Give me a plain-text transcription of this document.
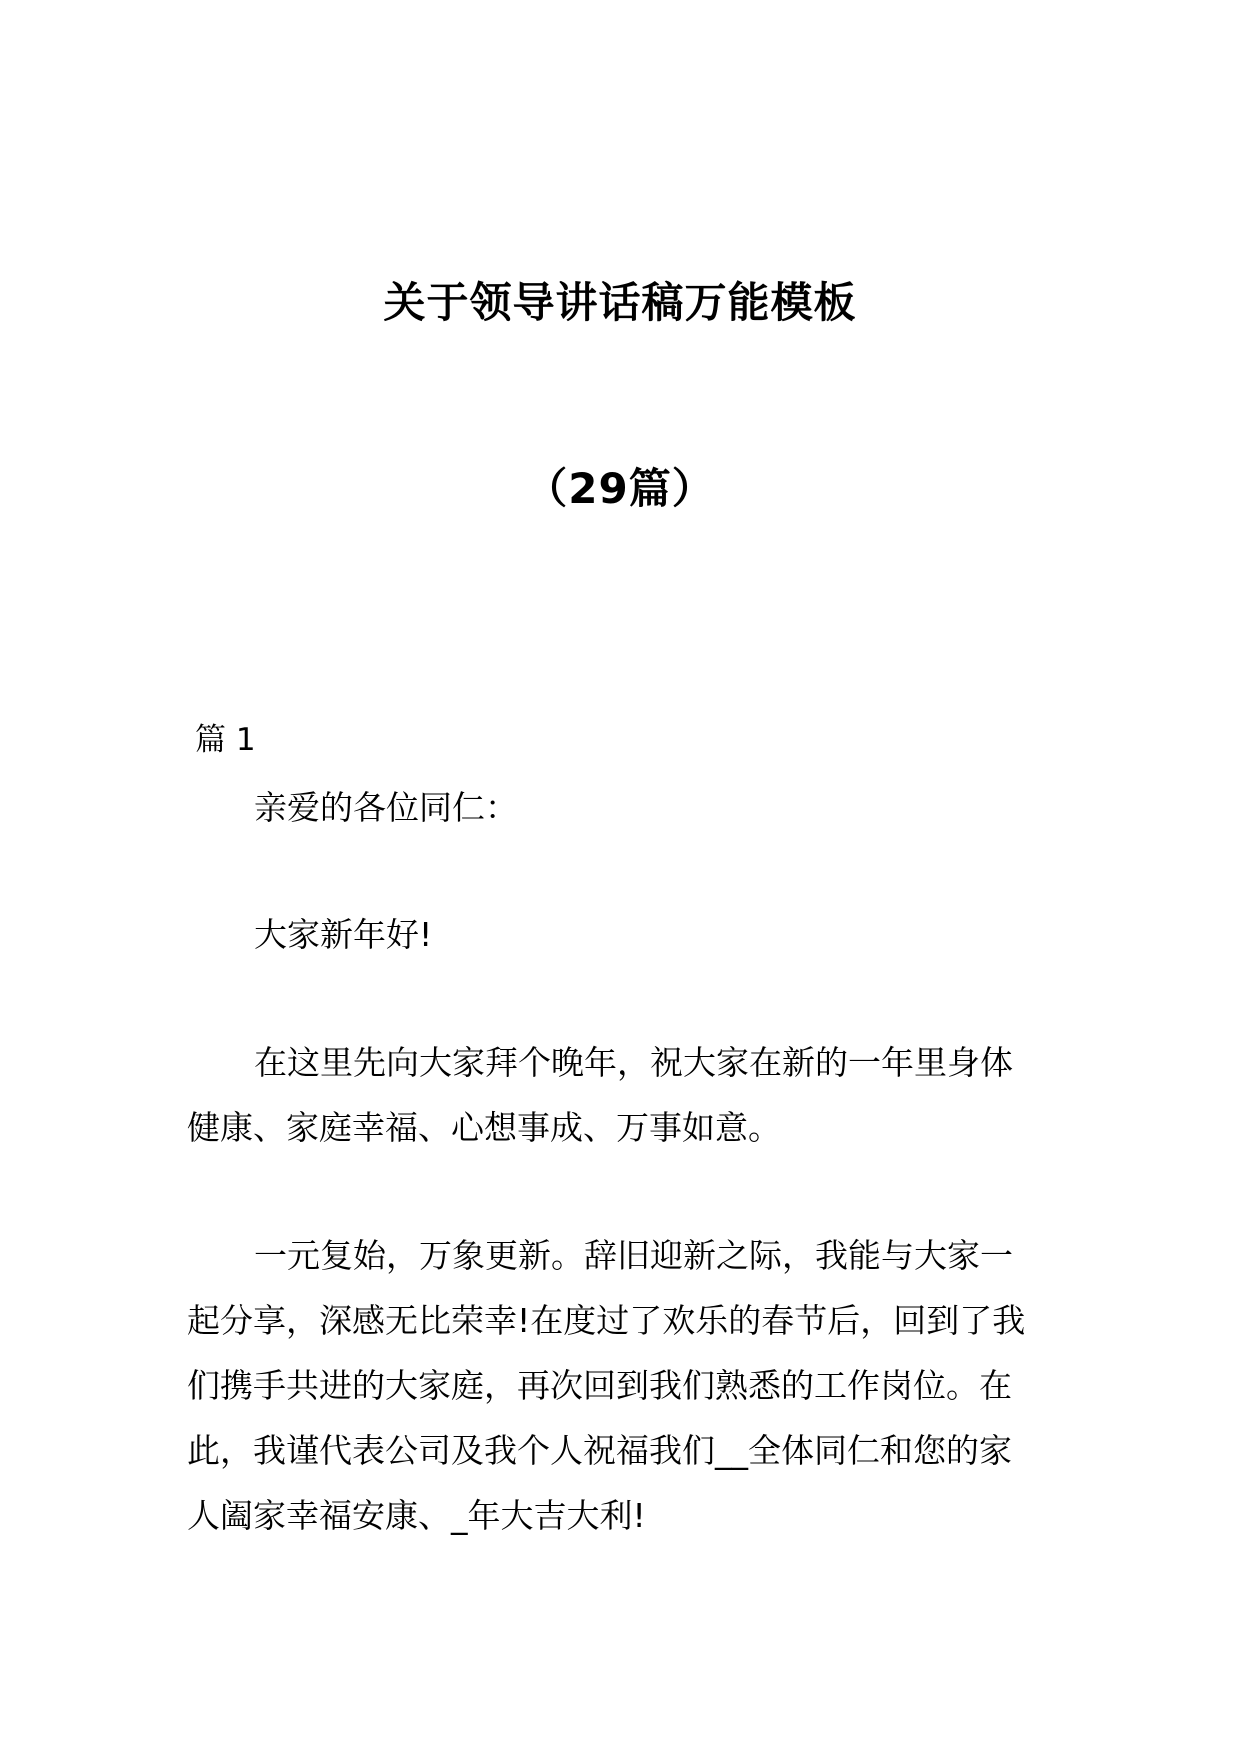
关于领导讲话稿万能模板
（29篇）

篇 1

亲爱的各位同仁：

大家新年好!

在这里先向大家拜个晚年，祝大家在新的一年里身体
健康、家庭幸福、心想事成、万事如意。

一元复始，万象更新。辞旧迎新之际，我能与大家一
起分享，深感无比荣幸!在度过了欢乐的春节后，回到了我
们携手共进的大家庭，再次回到我们熟悉的工作岗位。在
此，我谨代表公司及我个人祝福我们__全体同仁和您的家
人阖家幸福安康、_年大吉大利!
